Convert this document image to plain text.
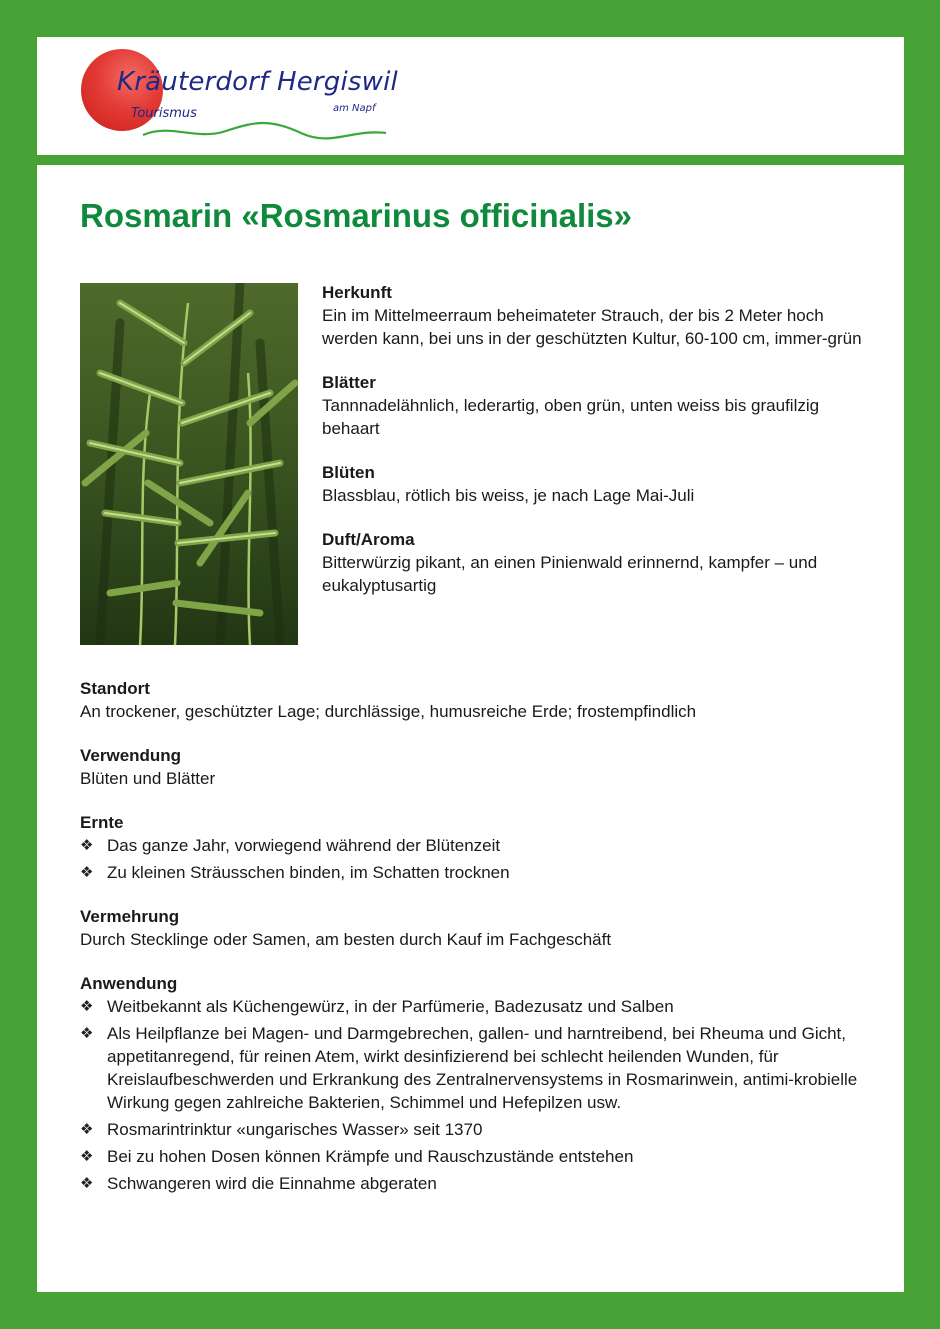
Kräuterdorf Hergiswil
Tourismus	am Napf
Rosmarin «Rosmarinus officinalis»
Herkunft
Ein im Mittelmeerraum beheimateter Strauch, der bis 2 Meter hoch werden kann, bei uns in der geschützten Kultur, 60-100 cm, immer-grün
Blätter
Tannnadelähnlich, lederartig, oben grün, unten weiss bis graufilzig behaart
Blüten
Blassblau, rötlich bis weiss, je nach Lage Mai-Juli
Duft/Aroma
Bitterwürzig pikant, an einen Pinienwald erinnernd, kampfer – und eukalyptusartig
Standort
An trockener, geschützter Lage; durchlässige, humusreiche Erde; frostempfindlich
Verwendung
Blüten und Blätter
Ernte
❖ Das ganze Jahr, vorwiegend während der Blütenzeit
❖ Zu kleinen Sträusschen binden, im Schatten trocknen
Vermehrung
Durch Stecklinge oder Samen, am besten durch Kauf im Fachgeschäft
Anwendung
❖ Weitbekannt als Küchengewürz, in der Parfümerie, Badezusatz und Salben
❖ Als Heilpflanze bei Magen- und Darmgebrechen, gallen- und harntreibend, bei Rheuma und Gicht, appetitanregend, für reinen Atem, wirkt desinfizierend bei schlecht heilenden Wunden, für Kreislaufbeschwerden und Erkrankung des Zentralnervensystems in Rosmarinwein, antimi-krobielle Wirkung gegen zahlreiche Bakterien, Schimmel und Hefepilzen usw.
❖ Rosmarintrinktur «ungarisches Wasser» seit 1370
❖ Bei zu hohen Dosen können Krämpfe und Rauschzustände entstehen
❖ Schwangeren wird die Einnahme abgeraten
